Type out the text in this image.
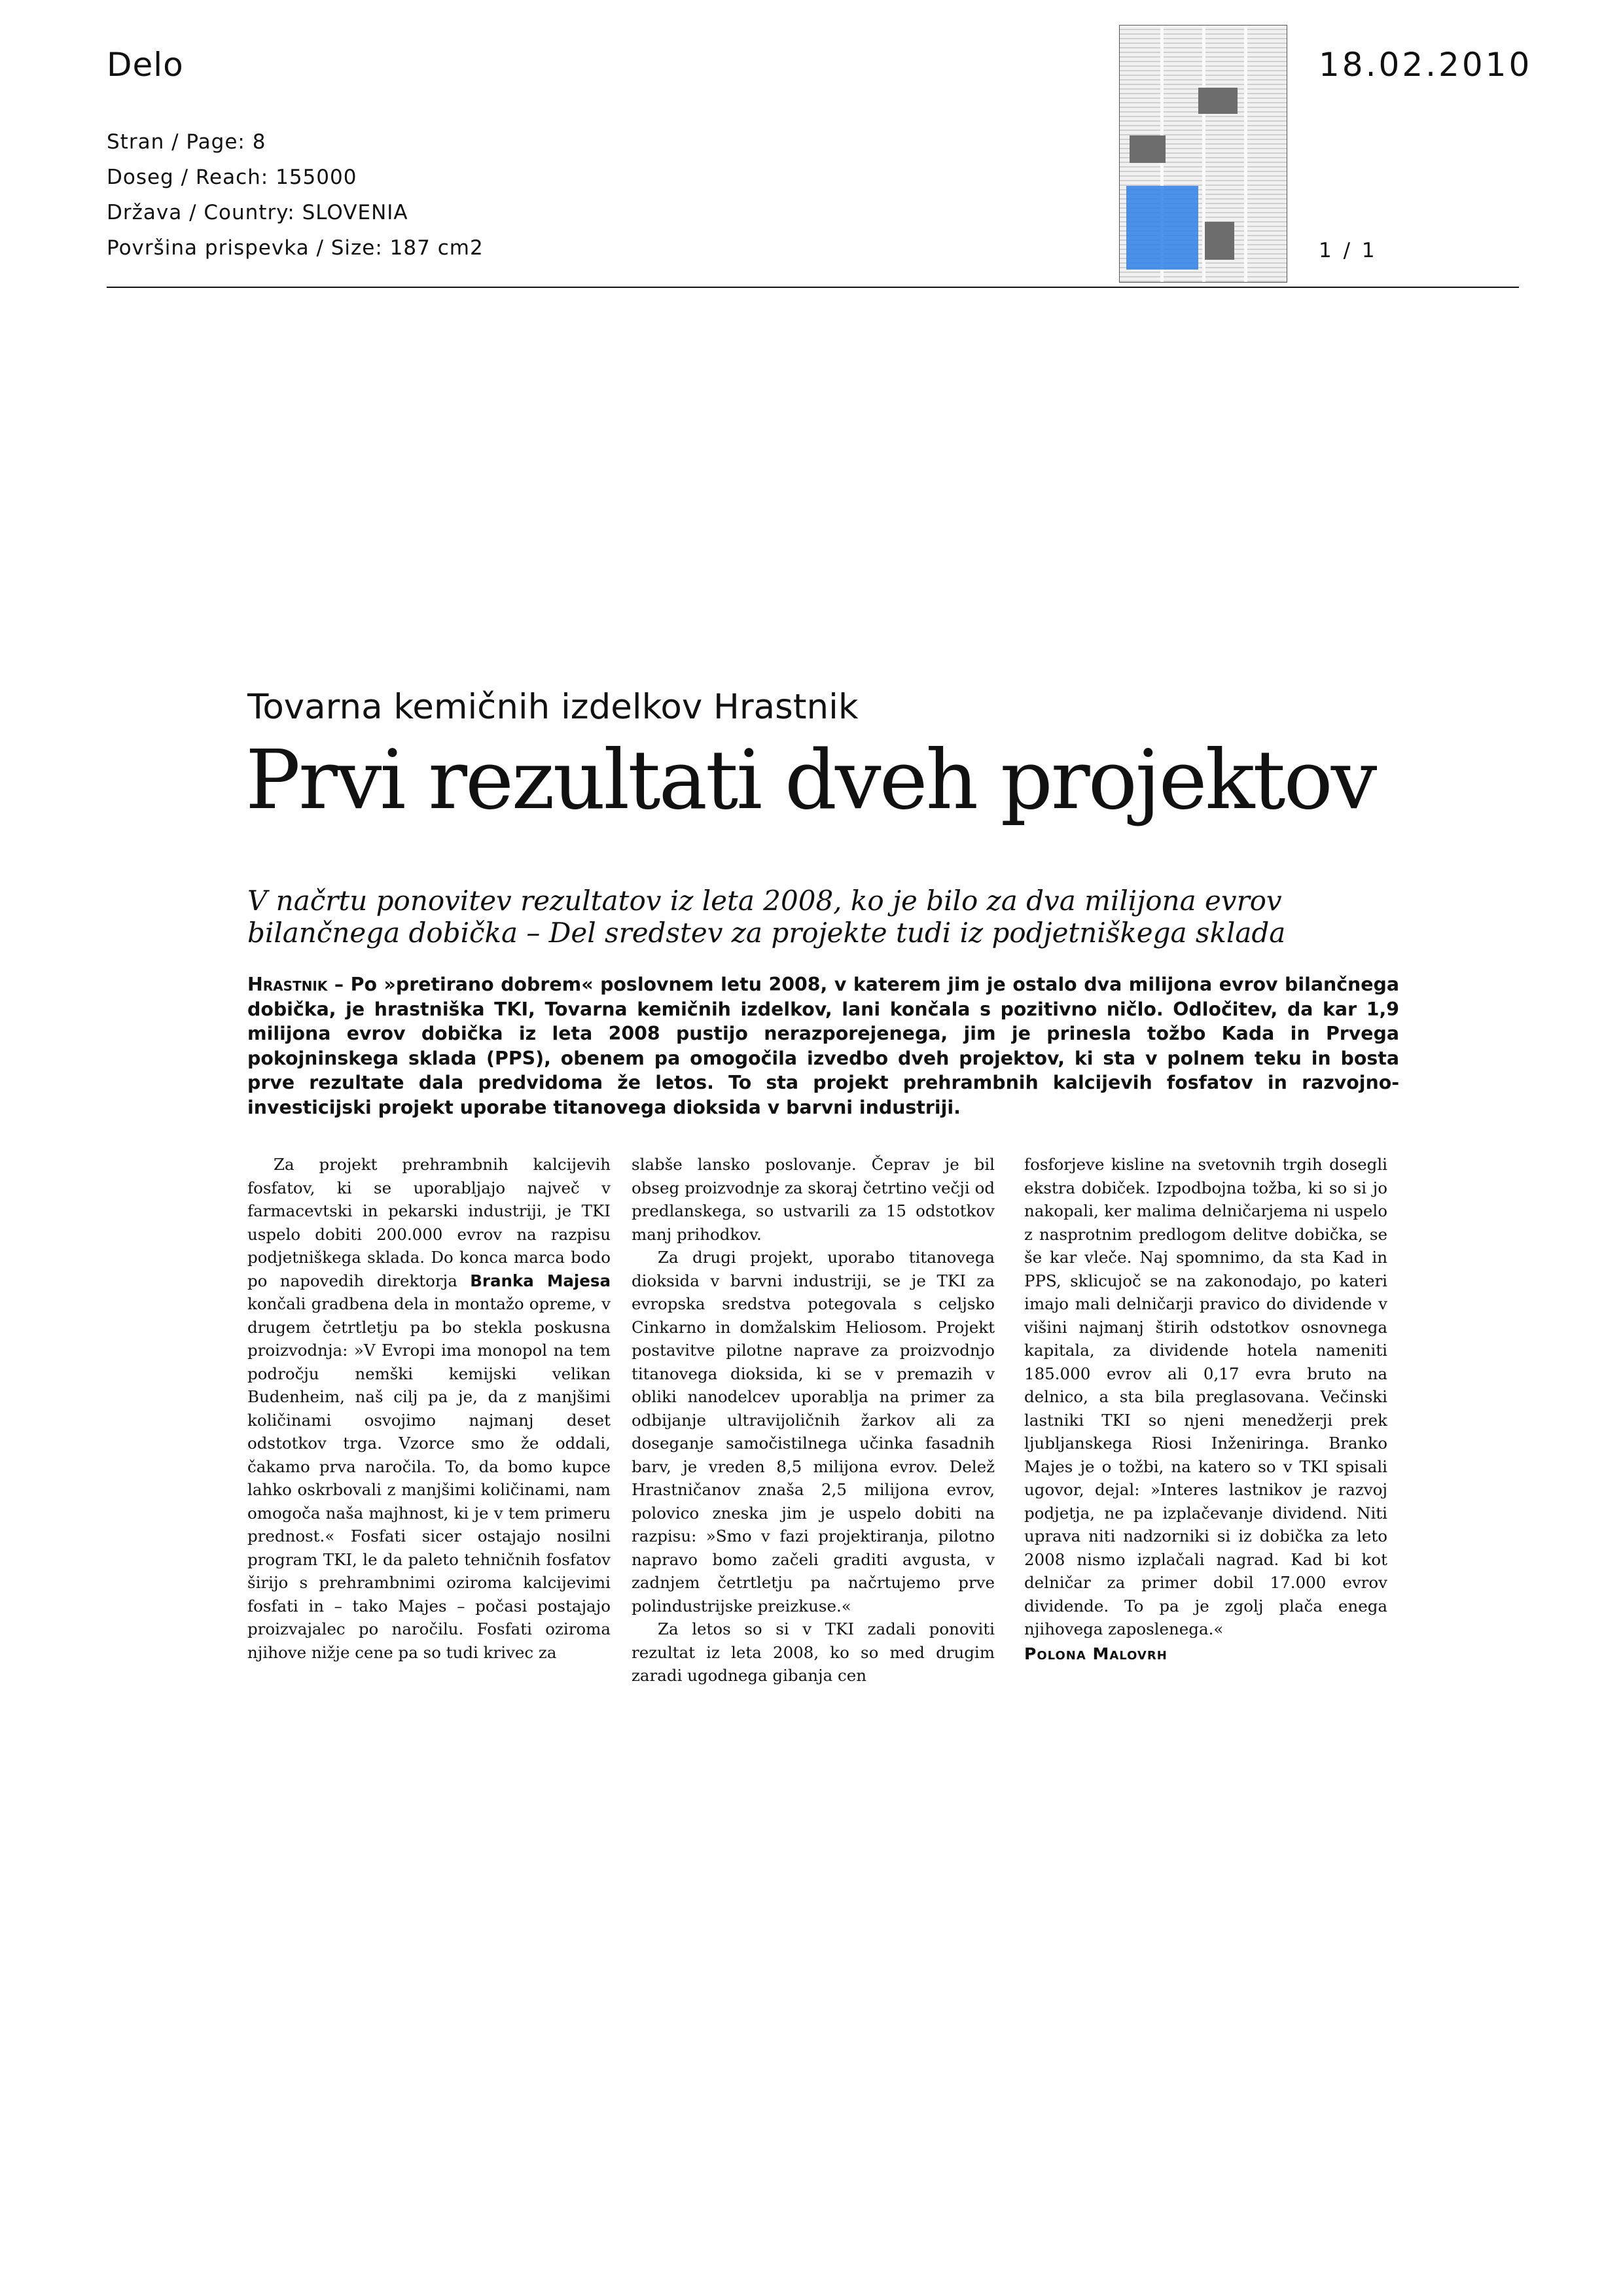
Delo
Stran / Page: 8
Doseg / Reach: 155000
Država / Country: SLOVENIA
Površina prispevka / Size: 187 cm2
18.02.2010
1 / 1
Tovarna kemičnih izdelkov Hrastnik
Prvi rezultati dveh projektov

V načrtu ponovitev rezultatov iz leta 2008, ko je bilo za dva milijona evrov bilančnega dobička – Del sredstev za projekte tudi iz podjetniškega sklada

Hrastnik – Po »pretirano dobrem« poslovnem letu 2008, v katerem jim je ostalo dva milijona evrov bilančnega dobička, je hrastniška TKI, Tovarna kemičnih izdelkov, lani končala s pozitivno ničlo. Odločitev, da kar 1,9 milijona evrov dobička iz leta 2008 pustijo nerazporejenega, jim je prinesla tožbo Kada in Prvega pokojninskega sklada (PPS), obenem pa omogočila izvedbo dveh projektov, ki sta v polnem teku in bosta prve rezultate dala predvidoma že letos. To sta projekt prehrambnih kalcijevih fosfatov in razvojno-investicijski projekt uporabe titanovega dioksida v barvni industriji.

Za projekt prehrambnih kalcijevih fosfatov, ki se uporabljajo največ v farmacevtski in pekarski industriji, je TKI uspelo dobiti 200.000 evrov na razpisu podjetniškega sklada. Do konca marca bodo po napovedih direktorja Branka Majesa končali gradbena dela in montažo opreme, v drugem četrtletju pa bo stekla poskusna proizvodnja: »V Evropi ima monopol na tem področju nemški kemijski velikan Budenheim, naš cilj pa je, da z manjšimi količinami osvojimo najmanj deset odstotkov trga. Vzorce smo že oddali, čakamo prva naročila. To, da bomo kupce lahko oskrbovali z manjšimi količinami, nam omogoča naša majhnost, ki je v tem primeru prednost.« Fosfati sicer ostajajo nosilni program TKI, le da paleto tehničnih fosfatov širijo s prehrambnimi oziroma kalcijevimi fosfati in – tako Majes – počasi postajajo proizvajalec po naročilu. Fosfati oziroma njihove nižje cene pa so tudi krivec za

slabše lansko poslovanje. Čeprav je bil obseg proizvodnje za skoraj četrtino večji od predlanskega, so ustvarili za 15 odstotkov manj prihodkov.

Za drugi projekt, uporabo titanovega dioksida v barvni industriji, se je TKI za evropska sredstva potegovala s celjsko Cinkarno in domžalskim Heliosom. Projekt postavitve pilotne naprave za proizvodnjo titanovega dioksida, ki se v premazih v obliki nanodelcev uporablja na primer za odbijanje ultravijoličnih žarkov ali za doseganje samočistilnega učinka fasadnih barv, je vreden 8,5 milijona evrov. Delež Hrastničanov znaša 2,5 milijona evrov, polovico zneska jim je uspelo dobiti na razpisu: »Smo v fazi projektiranja, pilotno napravo bomo začeli graditi avgusta, v zadnjem četrtletju pa načrtujemo prve polindustrijske preizkuse.«

Za letos so si v TKI zadali ponoviti rezultat iz leta 2008, ko so med drugim zaradi ugodnega gibanja cen

fosforjeve kisline na svetovnih trgih dosegli ekstra dobiček. Izpodbojna tožba, ki so si jo nakopali, ker malima delničarjema ni uspelo z nasprotnim predlogom delitve dobička, se še kar vleče. Naj spomnimo, da sta Kad in PPS, sklicujoč se na zakonodajo, po kateri imajo mali delničarji pravico do dividende v višini najmanj štirih odstotkov osnovnega kapitala, za dividende hotela nameniti 185.000 evrov ali 0,17 evra bruto na delnico, a sta bila preglasovana. Večinski lastniki TKI so njeni menedžerji prek ljubljanskega Riosi Inženiringa. Branko Majes je o tožbi, na katero so v TKI spisali ugovor, dejal: »Interes lastnikov je razvoj podjetja, ne pa izplačevanje dividend. Niti uprava niti nadzorniki si iz dobička za leto 2008 nismo izplačali nagrad. Kad bi kot delničar za primer dobil 17.000 evrov dividende. To pa je zgolj plača enega njihovega zaposlenega.«

Polona Malovrh
